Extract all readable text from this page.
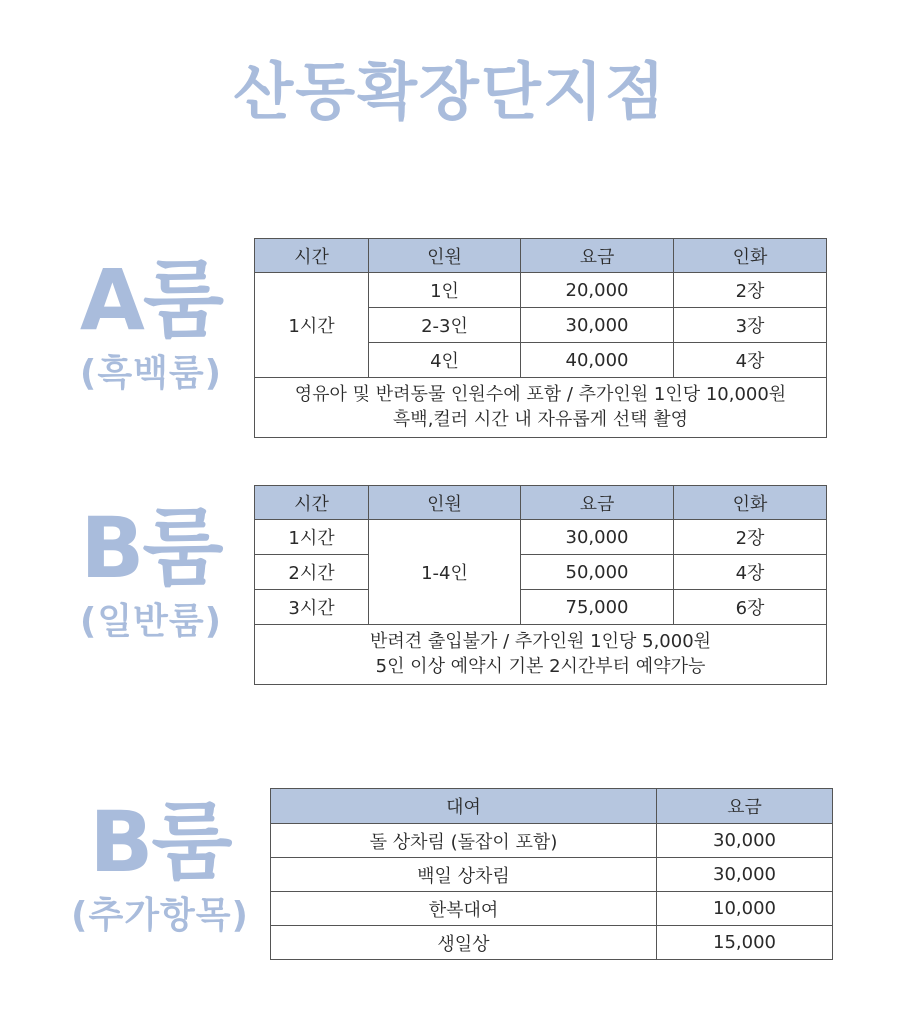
산동확장단지점
A룸
(흑백룸)
시간	인원	요금	인화
1시간	1인	20,000	2장
	2-3인	30,000	3장
	4인	40,000	4장

영유아 및 반려동물 인원수에 포함 / 추가인원 1인당 10,000원
흑백,컬러 시간 내 자유롭게 선택 촬영			
B룸
(일반룸)
시간	인원	요금	인화
1시간	1-4인	30,000	2장
2시간		50,000	4장
3시간		75,000	6장

반려견 출입불가 / 추가인원 1인당 5,000원
5인 이상 예약시 기본 2시간부터 예약가능			
B룸
(추가항목)
대여	요금
돌 상차림 (돌잡이 포함)	30,000
백일 상차림	30,000
한복대여	10,000
생일상	15,000
